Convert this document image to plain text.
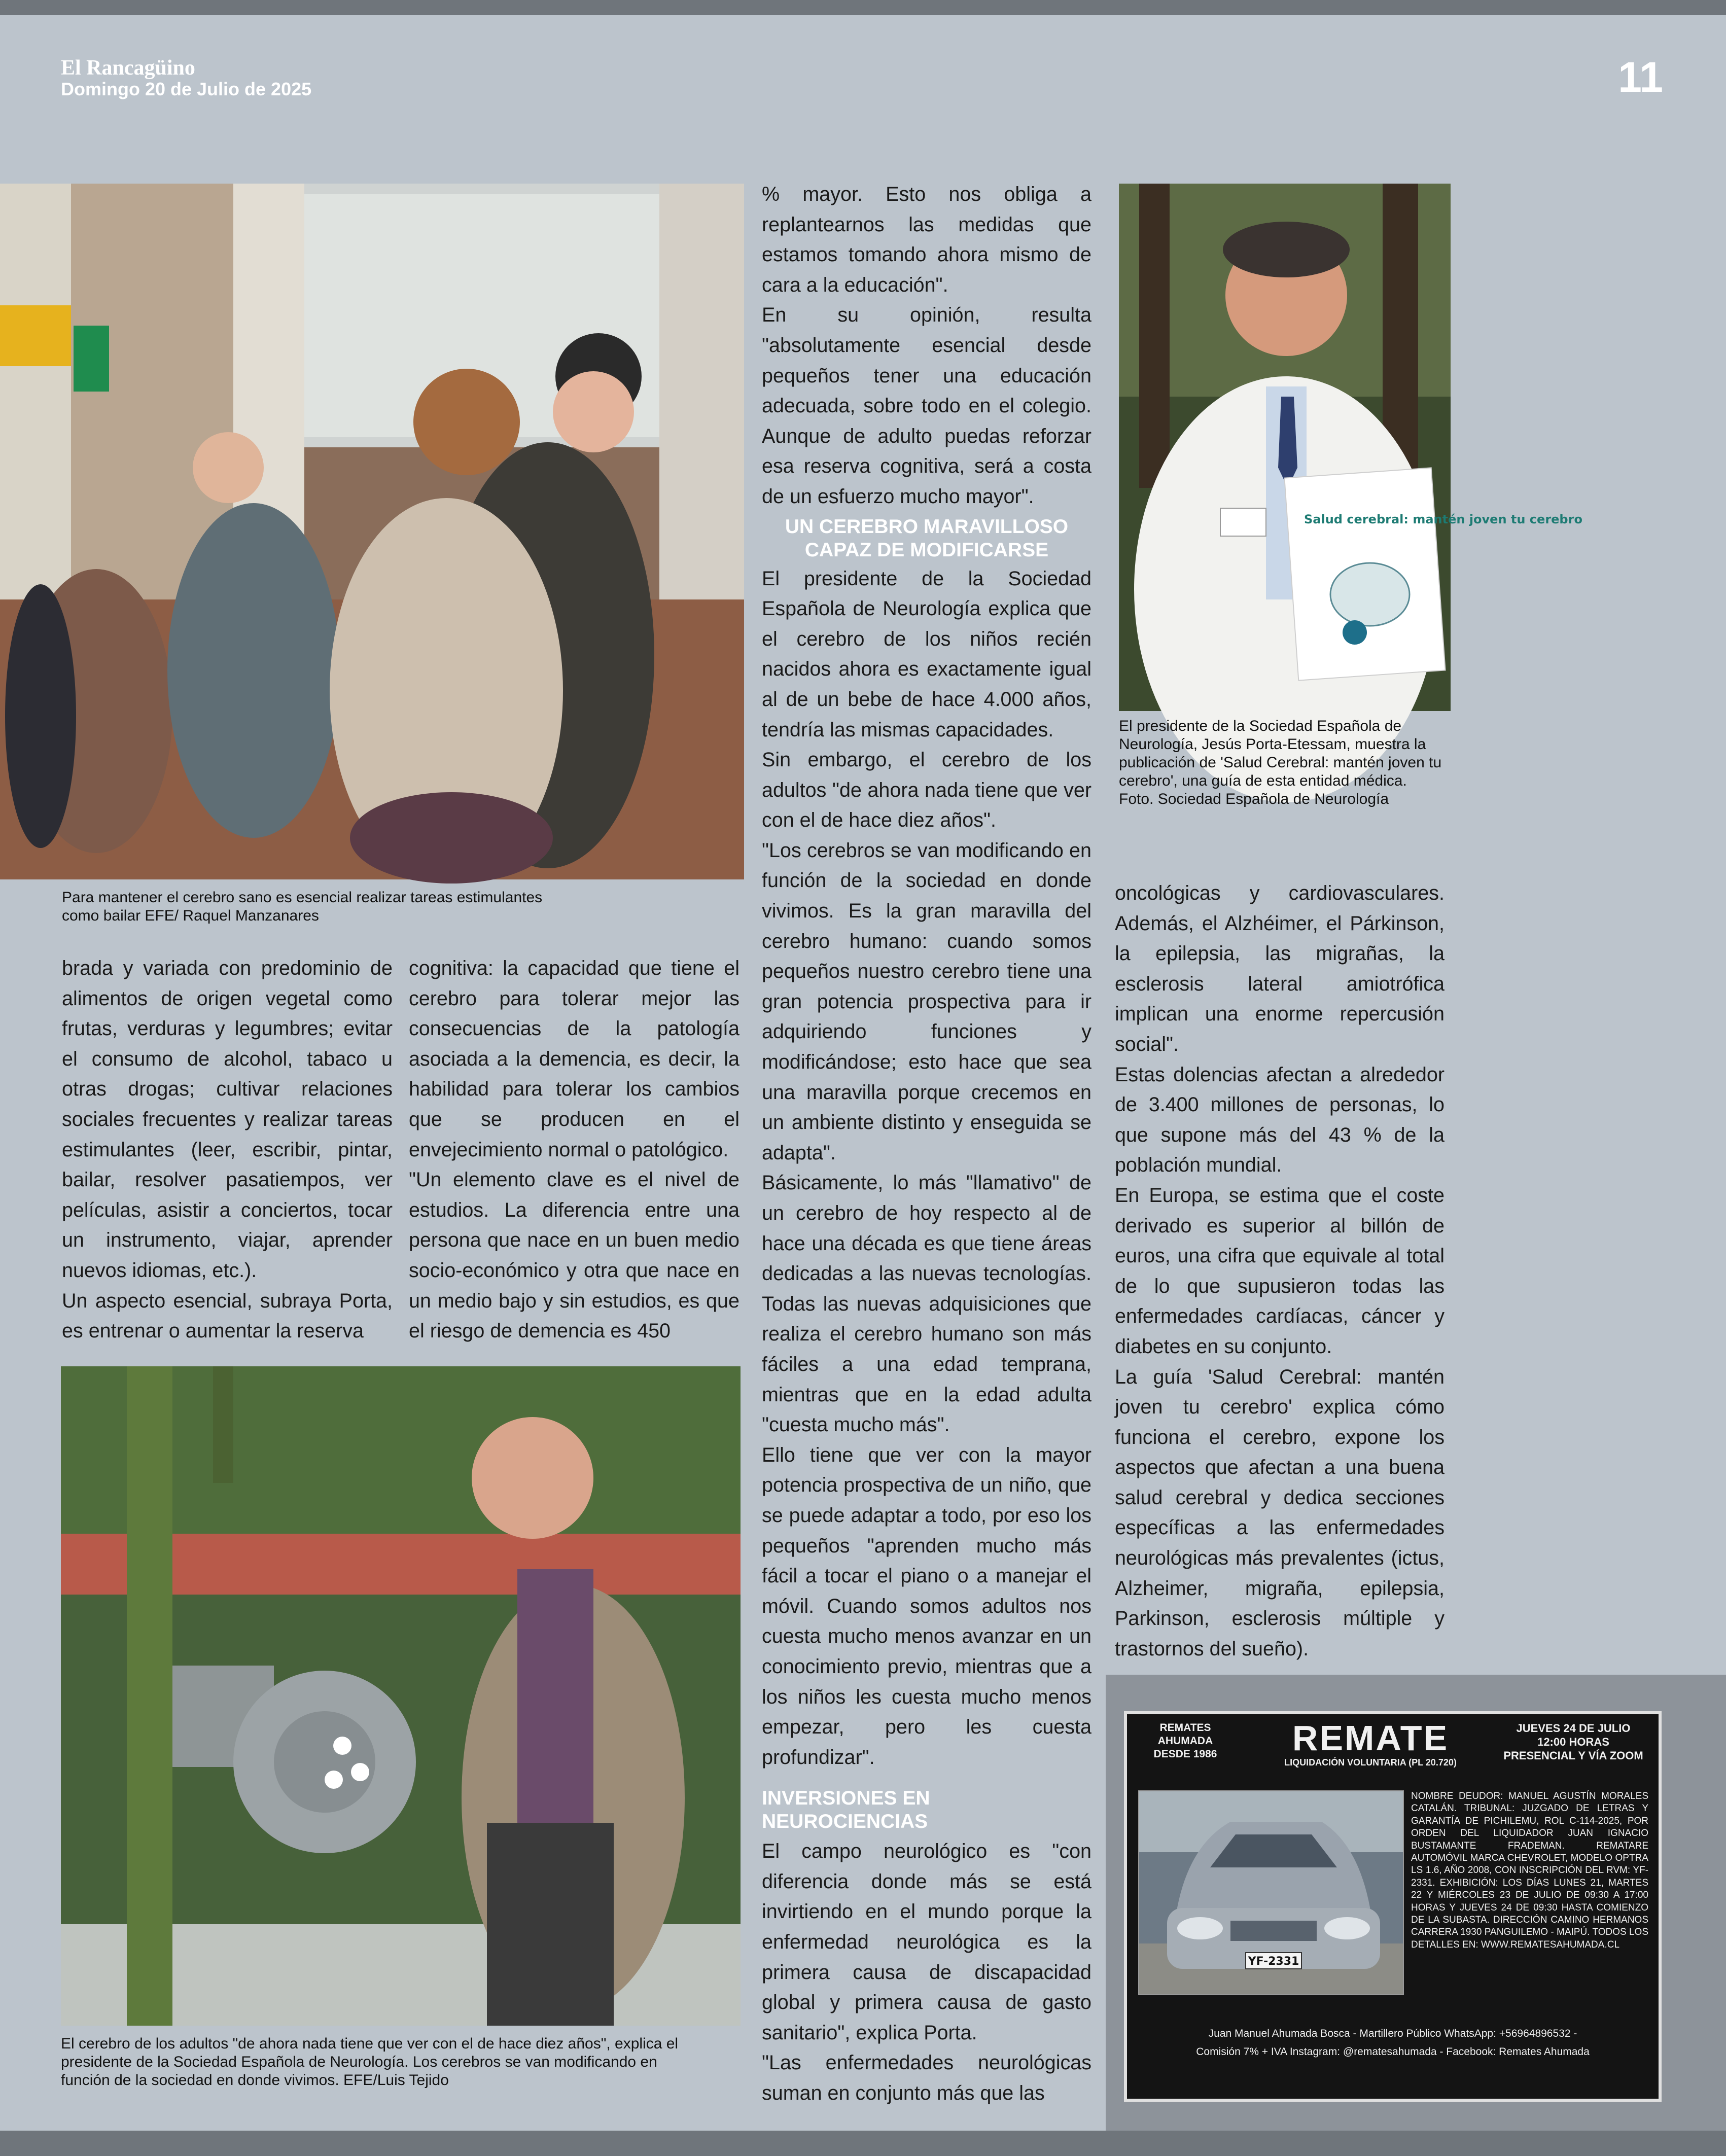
El Rancagüino
Domingo 20 de Julio de 2025	11
Para mantener el cerebro sano es esencial realizar tareas estimulantes como bailar EFE/ Raquel Manzanares
Salud cerebral: mantén joven tu cerebro
El presidente de la Sociedad Española de Neurología, Jesús Porta-Etessam, muestra la publicación de 'Salud Cerebral: mantén joven tu cerebro', una guía de esta entidad médica. Foto. Sociedad Española de Neurología
El cerebro de los adultos "de ahora nada tiene que ver con el de hace diez años", explica el presidente de la Sociedad Española de Neurología. Los cerebros se van modificando en función de la sociedad en donde vivimos. EFE/Luis Tejido

brada y variada con predominio de alimentos de origen vegetal como frutas, verduras y legumbres; evitar el consumo de alcohol, tabaco u otras drogas; cultivar relaciones sociales frecuentes y realizar tareas estimulantes (leer, escribir, pintar, bailar, resolver pasatiempos, ver películas, asistir a conciertos, tocar un instrumento, viajar, aprender nuevos idiomas, etc.).

Un aspecto esencial, subraya Porta, es entrenar o aumentar la reserva

cognitiva: la capacidad que tiene el cerebro para tolerar mejor las consecuencias de la patología asociada a la demencia, es decir, la habilidad para tolerar los cambios que se producen en el envejecimiento normal o patológico.

"Un elemento clave es el nivel de estudios. La diferencia entre una persona que nace en un buen medio socio-económico y otra que nace en un medio bajo y sin estudios, es que el riesgo de demencia es 450

% mayor. Esto nos obliga a replantearnos las medidas que estamos tomando ahora mismo de cara a la educación".

En su opinión, resulta "absolutamente esencial desde pequeños tener una educación adecuada, sobre todo en el colegio. Aunque de adulto puedas reforzar esa reserva cognitiva, será a costa de un esfuerzo mucho mayor".

UN CEREBRO MARAVILLOSO
CAPAZ DE MODIFICARSE

El presidente de la Sociedad Española de Neurología explica que el cerebro de los niños recién nacidos ahora es exactamente igual al de un bebe de hace 4.000 años, tendría las mismas capacidades.

Sin embargo, el cerebro de los adultos "de ahora nada tiene que ver con el de hace diez años".

"Los cerebros se van modificando en función de la sociedad en donde vivimos. Es la gran maravilla del cerebro humano: cuando somos pequeños nuestro cerebro tiene una gran potencia prospectiva para ir adquiriendo funciones y modificándose; esto hace que sea una maravilla porque crecemos en un ambiente distinto y enseguida se adapta".

Básicamente, lo más "llamativo" de un cerebro de hoy respecto al de hace una década es que tiene áreas dedicadas a las nuevas tecnologías. Todas las nuevas adquisiciones que realiza el cerebro humano son más fáciles a una edad temprana, mientras que en la edad adulta "cuesta mucho más".

Ello tiene que ver con la mayor potencia prospectiva de un niño, que se puede adaptar a todo, por eso los pequeños "aprenden mucho más fácil a tocar el piano o a manejar el móvil. Cuando somos adultos nos cuesta mucho menos avanzar en un conocimiento previo, mientras que a los niños les cuesta mucho menos empezar, pero les cuesta profundizar".

INVERSIONES EN NEUROCIENCIAS

El campo neurológico es "con diferencia donde más se está invirtiendo en el mundo porque la enfermedad neurológica es la primera causa de discapacidad global y primera causa de gasto sanitario", explica Porta.

"Las enfermedades neurológicas suman en conjunto más que las

oncológicas y cardiovasculares. Además, el Alzhéimer, el Párkinson, la epilepsia, las migrañas, la esclerosis lateral amiotrófica implican una enorme repercusión social".

Estas dolencias afectan a alrededor de 3.400 millones de personas, lo que supone más del 43 % de la población mundial.

En Europa, se estima que el coste derivado es superior al billón de euros, una cifra que equivale al total de lo que supusieron todas las enfermedades cardíacas, cáncer y diabetes en su conjunto.

La guía 'Salud Cerebral: mantén joven tu cerebro' explica cómo funciona el cerebro, expone los aspectos que afectan a una buena salud cerebral y dedica secciones específicas a las enfermedades neurológicas más prevalentes (ictus, Alzheimer, migraña, epilepsia, Parkinson, esclerosis múltiple y trastornos del sueño).

REMATES
AHUMADA
DESDE 1986	REMATE
LIQUIDACIÓN VOLUNTARIA (PL 20.720)
JUEVES 24 DE JULIO
12:00 HORAS
PRESENCIAL Y VÍA ZOOM
YF-2331
NOMBRE DEUDOR: MANUEL AGUSTÍN MORALES CATALÁN. TRIBUNAL: JUZGADO DE LETRAS Y GARANTÍA DE PICHILEMU, ROL C-114-2025, POR ORDEN DEL LIQUIDADOR JUAN IGNACIO BUSTAMANTE FRADEMAN. REMATARE AUTOMÓVIL MARCA CHEVROLET, MODELO OPTRA LS 1.6, AÑO 2008, CON INSCRIPCIÓN DEL RVM: YF-2331. EXHIBICIÓN: LOS DÍAS LUNES 21, MARTES 22 Y MIÉRCOLES 23 DE JULIO DE 09:30 A 17:00 HORAS Y JUEVES 24 DE 09:30 HASTA COMIENZO DE LA SUBASTA. DIRECCIÓN CAMINO HERMANOS CARRERA 1930 PANGUILEMO - MAIPÚ. TODOS LOS DETALLES EN: WWW.REMATESAHUMADA.CL
Juan Manuel Ahumada Bosca - Martillero Público WhatsApp: +56964896532 -
Comisión 7% + IVA Instagram: @rematesahumada - Facebook: Remates Ahumada
